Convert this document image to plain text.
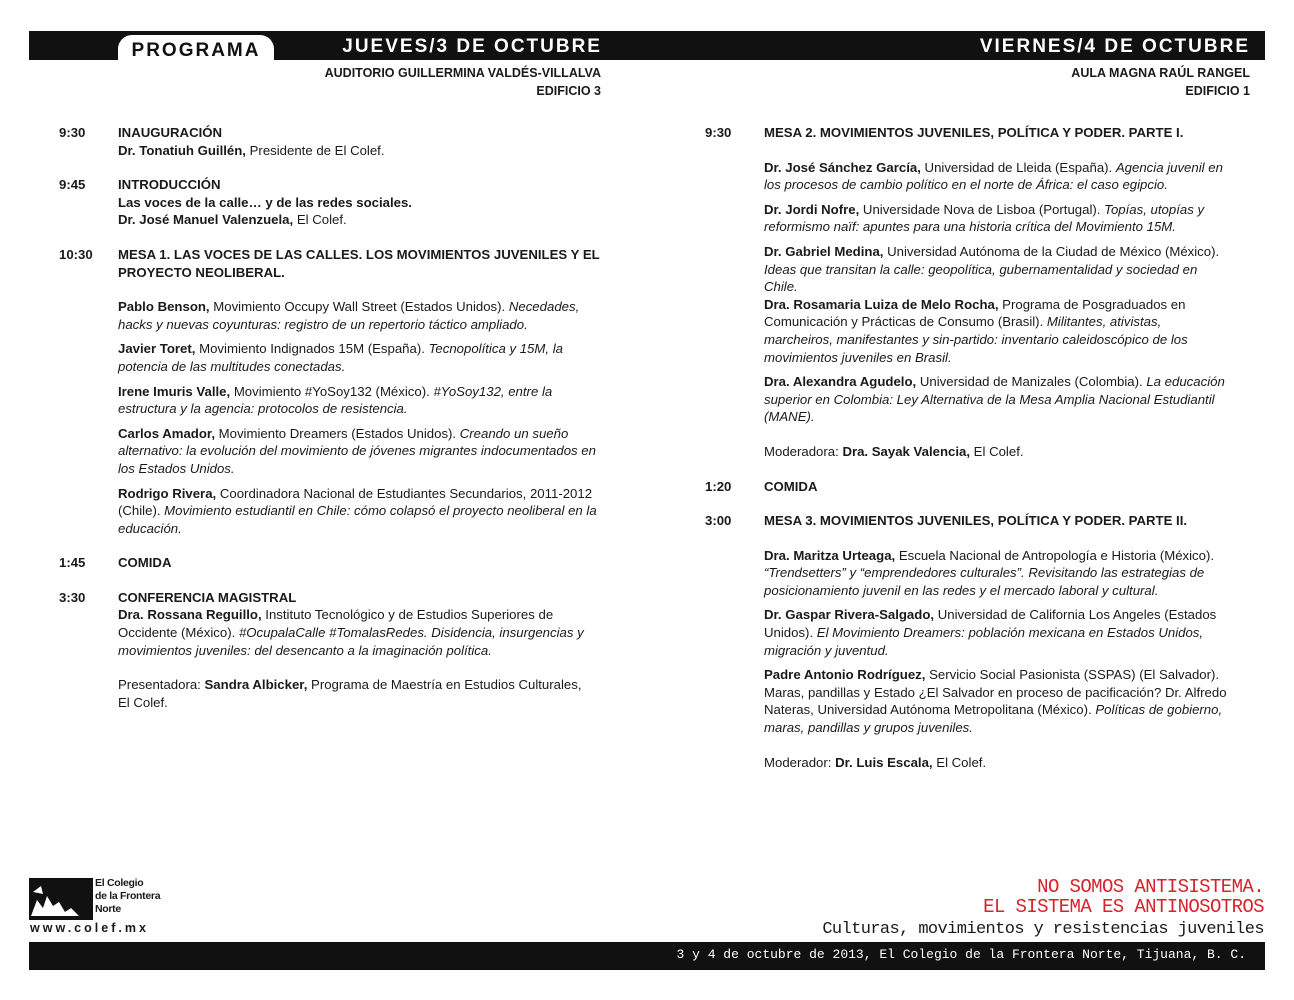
PROGRAMA	JUEVES/3 DE OCTUBRE	VIERNES/4 DE OCTUBRE
AUDITORIO GUILLERMINA VALDÉS-VILLALVA
EDIFICIO 3
AULA MAGNA RAÚL RANGEL
EDIFICIO 1
9:30 INAUGURACIÓN
Dr. Tonatiuh Guillén, Presidente de El Colef.
9:45 INTRODUCCIÓN
Las voces de la calle… y de las redes sociales.
Dr. José Manuel Valenzuela, El Colef.
10:30 MESA 1. LAS VOCES DE LAS CALLES. LOS MOVIMIENTOS JUVENILES Y EL PROYECTO NEOLIBERAL.
Pablo Benson, Movimiento Occupy Wall Street (Estados Unidos). Necedades, hacks y nuevas coyunturas: registro de un repertorio táctico ampliado.
Javier Toret, Movimiento Indignados 15M (España). Tecnopolítica y 15M, la potencia de las multitudes conectadas.
Irene Imuris Valle, Movimiento #YoSoy132 (México). #YoSoy132, entre la estructura y la agencia: protocolos de resistencia.
Carlos Amador, Movimiento Dreamers (Estados Unidos). Creando un sueño alternativo: la evolución del movimiento de jóvenes migrantes indocumentados en los Estados Unidos.
Rodrigo Rivera, Coordinadora Nacional de Estudiantes Secundarios, 2011-2012 (Chile). Movimiento estudiantil en Chile: cómo colapsó el proyecto neoliberal en la educación.
1:45 COMIDA
3:30 CONFERENCIA MAGISTRAL
Dra. Rossana Reguillo, Instituto Tecnológico y de Estudios Superiores de Occidente (México). #OcupalaCalle #TomalasRedes. Disidencia, insurgencias y movimientos juveniles: del desencanto a la imaginación política.
Presentadora: Sandra Albicker, Programa de Maestría en Estudios Culturales, El Colef.
9:30 MESA 2. MOVIMIENTOS JUVENILES, POLÍTICA Y PODER. PARTE I.
Dr. José Sánchez García, Universidad de Lleida (España). Agencia juvenil en los procesos de cambio político en el norte de África: el caso egipcio.
Dr. Jordi Nofre, Universidade Nova de Lisboa (Portugal). Topías, utopías y reformismo naïf: apuntes para una historia crítica del Movimiento 15M.
Dr. Gabriel Medina, Universidad Autónoma de la Ciudad de México (México). Ideas que transitan la calle: geopolítica, gubernamentalidad y sociedad en Chile.
Dra. Rosamaria Luiza de Melo Rocha, Programa de Posgraduados en Comunicación y Prácticas de Consumo (Brasil). Militantes, ativistas, marcheiros, manifestantes y sin-partido: inventario caleidoscópico de los movimientos juveniles en Brasil.
Dra. Alexandra Agudelo, Universidad de Manizales (Colombia). La educación superior en Colombia: Ley Alternativa de la Mesa Amplia Nacional Estudiantil (MANE).
Moderadora: Dra. Sayak Valencia, El Colef.
1:20 COMIDA
3:00 MESA 3. MOVIMIENTOS JUVENILES, POLÍTICA Y PODER. PARTE II.
Dra. Maritza Urteaga, Escuela Nacional de Antropología e Historia (México). “Trendsetters” y “emprendedores culturales”. Revisitando las estrategias de posicionamiento juvenil en las redes y el mercado laboral y cultural.
Dr. Gaspar Rivera-Salgado, Universidad de California Los Angeles (Estados Unidos). El Movimiento Dreamers: población mexicana en Estados Unidos, migración y juventud.
Padre Antonio Rodríguez, Servicio Social Pasionista (SSPAS) (El Salvador). Maras, pandillas y Estado ¿El Salvador en proceso de pacificación? Dr. Alfredo Nateras, Universidad Autónoma Metropolitana (México). Políticas de gobierno, maras, pandillas y grupos juveniles.
Moderador: Dr. Luis Escala, El Colef.
El Colegio
de la Frontera
Norte
www.colef.mx
NO SOMOS ANTISISTEMA.
EL SISTEMA ES ANTINOSOTROS
Culturas, movimientos y resistencias juveniles
3 y 4 de octubre de 2013, El Colegio de la Frontera Norte, Tijuana, B. C.
